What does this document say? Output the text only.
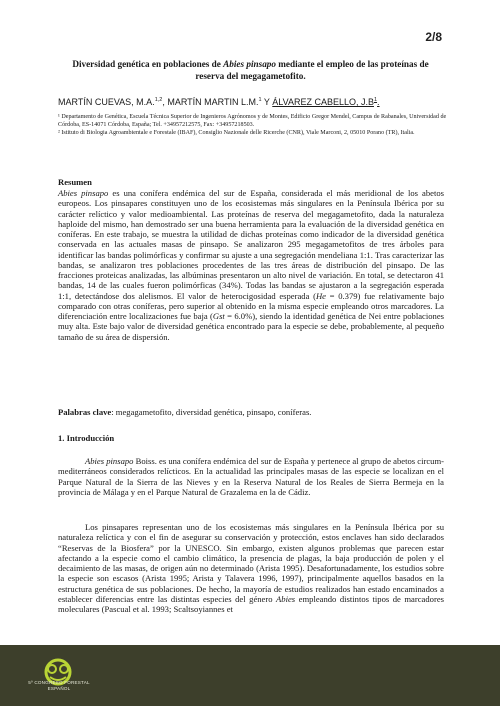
2/8
Diversidad genética en poblaciones de Abies pinsapo mediante el empleo de las proteínas de reserva del megagametofito.
MARTÍN CUEVAS, M.A.$^{1,2}$, MARTÍN MARTIN L.M.$^1$ Y ÁLVAREZ CABELLO, $J.B^1$.

¹ Departamento de Genética, Escuela Técnica Superior de Ingenieros Agrónomos y de Montes, Edificio Gregor Mendel, Campus de Rabanales, Universidad de Córdoba, ES-14071 Córdoba, España; Tel. +34957212575, Fax: +34957218503.

² Istituto di Biologia Agroambientale e Forestale (IBAF), Consiglio Nazionale delle Ricerche (CNR), Viale Marconi, 2, 05010 Porano (TR), Italia.

Resumen

Abies pinsapo es una conífera endémica del sur de España, considerada el más meridional de los abetos europeos. Los pinsapares constituyen uno de los ecosistemas más singulares en la Península Ibérica por su carácter relíctico y valor medioambiental. Las proteínas de reserva del megagametofito, dada la naturaleza haploide del mismo, han demostrado ser una buena herramienta para la evaluación de la diversidad genética en coníferas. En este trabajo, se muestra la utilidad de dichas proteínas como indicador de la diversidad genética conservada en las actuales masas de pinsapo. Se analizaron 295 megagametofitos de tres árboles para identificar las bandas polimórficas y confirmar su ajuste a una segregación mendeliana 1:1. Tras caracterizar las bandas, se analizaron tres poblaciones procedentes de las tres áreas de distribución del pinsapo. De las fracciones proteicas analizadas, las albúminas presentaron un alto nivel de variación. En total, se detectaron 41 bandas, 14 de las cuales fueron polimórficas (34%). Todas las bandas se ajustaron a la segregación esperada 1:1, detectándose dos alelismos. El valor de heterocigosidad esperada (He = 0.379) fue relativamente bajo comparado con otras coníferas, pero superior al obtenido en la misma especie empleando otros marcadores. La diferenciación entre localizaciones fue baja (Gst = 6.0%), siendo la identidad genética de Nei entre poblaciones muy alta. Este bajo valor de diversidad genética encontrado para la especie se debe, probablemente, al pequeño tamaño de su área de dispersión.

Palabras clave: megagametofito, diversidad genética, pinsapo, coníferas.
1. Introducción

Abies pinsapo Boiss. es una conífera endémica del sur de España y pertenece al grupo de abetos circum-mediterráneos considerados relícticos. En la actualidad las principales masas de las especie se localizan en el Parque Natural de la Sierra de las Nieves y en la Reserva Natural de los Reales de Sierra Bermeja en la provincia de Málaga y en el Parque Natural de Grazalema en la de Cádiz.

Los pinsapares representan uno de los ecosistemas más singulares en la Península Ibérica por su naturaleza relíctica y con el fin de asegurar su conservación y protección, estos enclaves han sido declarados “Reservas de la Biosfera” por la UNESCO. Sin embargo, existen algunos problemas que parecen estar afectando a la especie como el cambio climático, la presencia de plagas, la baja producción de polen y el decaimiento de las masas, de origen aún no determinado (Arista 1995). Desafortunadamente, los estudios sobre la especie son escasos (Arista 1995; Arista y Talavera 1996, 1997), principalmente aquellos basados en la estructura genética de sus poblaciones. De hecho, la mayoría de estudios realizados han estado encaminados a establecer diferencias entre las distintas especies del género Abies empleando distintos tipos de marcadores moleculares (Pascual et al. 1993; Scaltsoyiannes et

5º CONGRESO FORESTAL ESPAÑOL
